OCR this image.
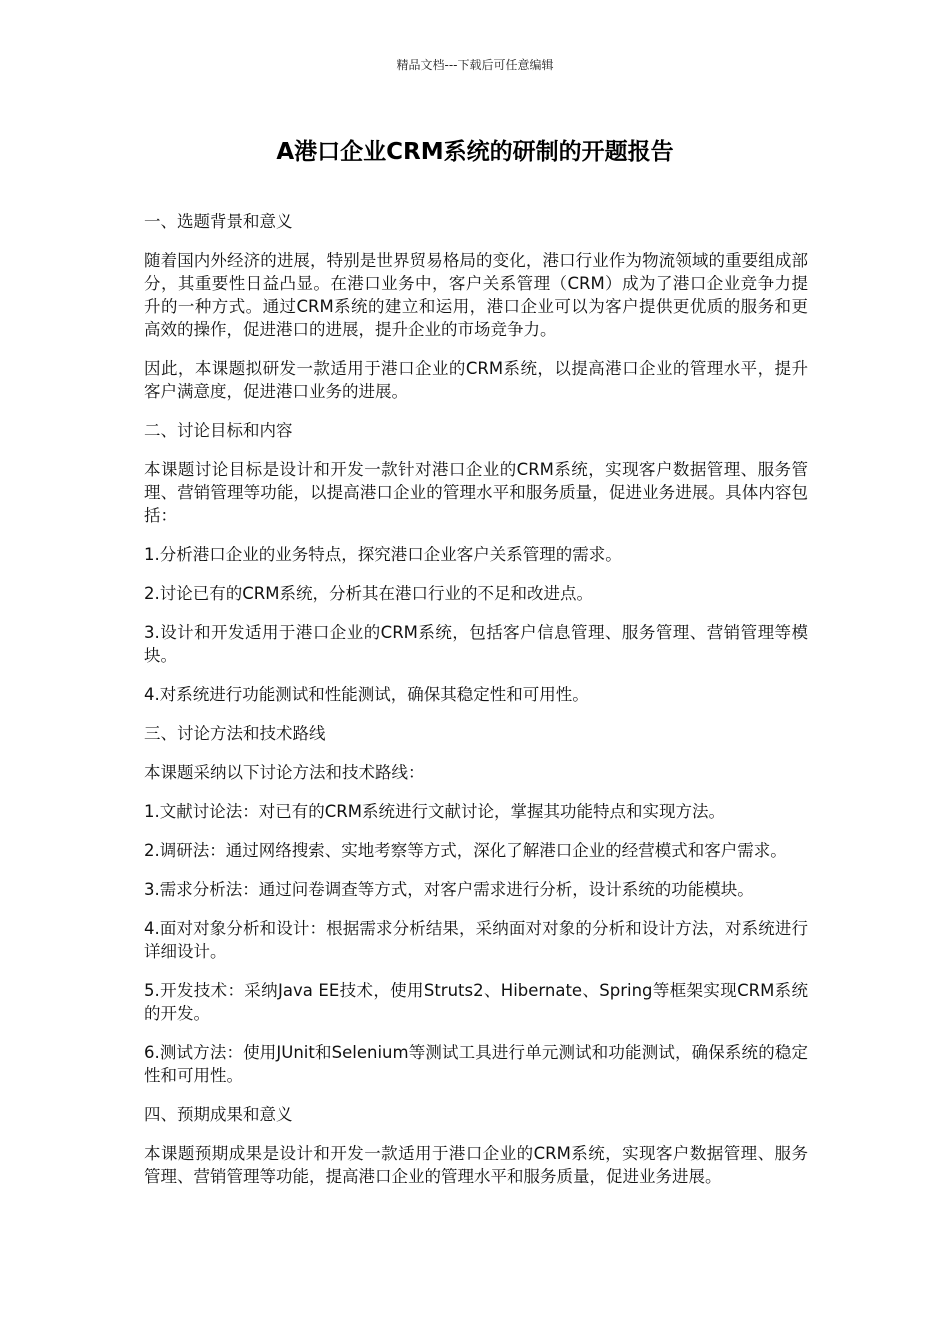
精品文档---下载后可任意编辑
A港口企业CRM系统的研制的开题报告

一、选题背景和意义

随着国内外经济的进展，特别是世界贸易格局的变化，港口行业作为物流领域的重要组成部分，其重要性日益凸显。在港口业务中，客户关系管理（CRM）成为了港口企业竞争力提升的一种方式。通过CRM系统的建立和运用，港口企业可以为客户提供更优质的服务和更高效的操作，促进港口的进展，提升企业的市场竞争力。

因此，本课题拟研发一款适用于港口企业的CRM系统，以提高港口企业的管理水平，提升客户满意度，促进港口业务的进展。

二、讨论目标和内容

本课题讨论目标是设计和开发一款针对港口企业的CRM系统，实现客户数据管理、服务管理、营销管理等功能，以提高港口企业的管理水平和服务质量，促进业务进展。具体内容包括：

1.分析港口企业的业务特点，探究港口企业客户关系管理的需求。

2.讨论已有的CRM系统，分析其在港口行业的不足和改进点。

3.设计和开发适用于港口企业的CRM系统，包括客户信息管理、服务管理、营销管理等模块。

4.对系统进行功能测试和性能测试，确保其稳定性和可用性。

三、讨论方法和技术路线

本课题采纳以下讨论方法和技术路线：

1.文献讨论法：对已有的CRM系统进行文献讨论，掌握其功能特点和实现方法。

2.调研法：通过网络搜索、实地考察等方式，深化了解港口企业的经营模式和客户需求。

3.需求分析法：通过问卷调查等方式，对客户需求进行分析，设计系统的功能模块。

4.面对对象分析和设计：根据需求分析结果，采纳面对对象的分析和设计方法，对系统进行详细设计。

5.开发技术：采纳Java EE技术，使用Struts2、Hibernate、Spring等框架实现CRM系统的开发。

6.测试方法：使用JUnit和Selenium等测试工具进行单元测试和功能测试，确保系统的稳定性和可用性。

四、预期成果和意义

本课题预期成果是设计和开发一款适用于港口企业的CRM系统，实现客户数据管理、服务管理、营销管理等功能，提高港口企业的管理水平和服务质量，促进业务进展。
